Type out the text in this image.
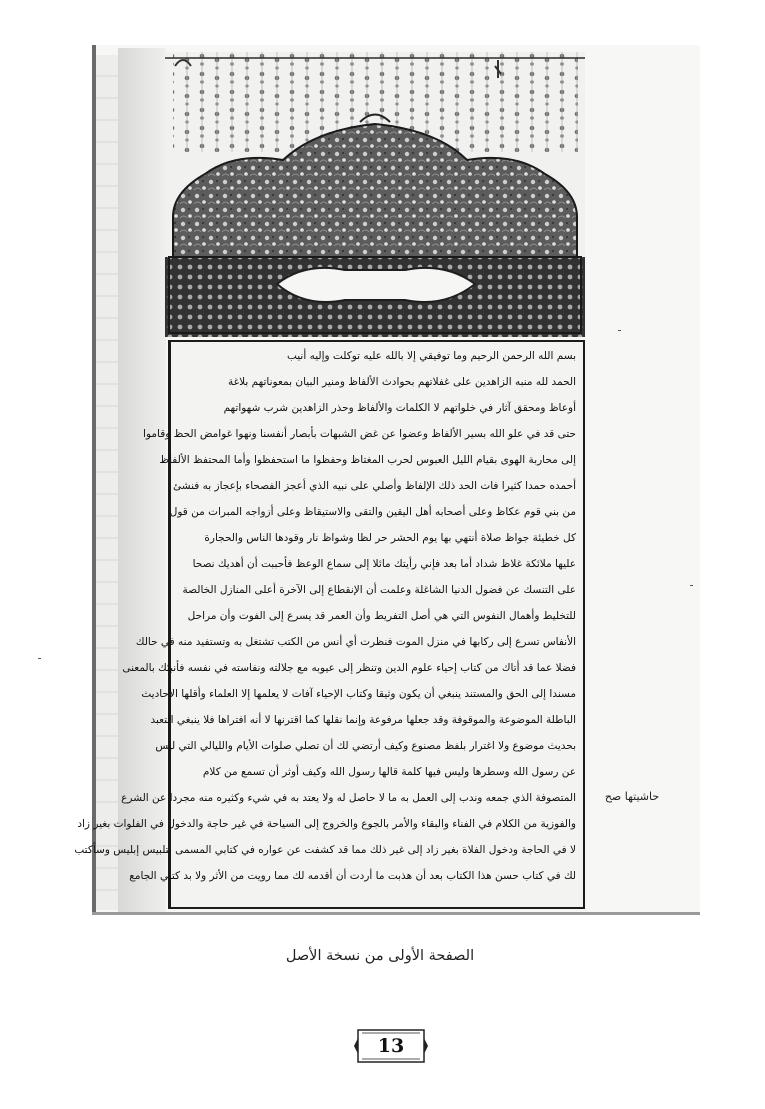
بسم الله الرحمن الرحيم وما توفيقي إلا بالله عليه توكلت وإليه أنيب
الحمد لله منبه الزاهدين على غفلاتهم بحوادث الألفاظ ومنير البيان بمعوناتهم بلاغة
أوعاظ ومحقق آثار في خلواتهم لا الكلمات والألفاظ وحذر الزاهدين شرب شهواتهم
حتى قد في علو الله بسير الألفاظ وعضوا عن غض الشبهات بأبصار أنفسنا ونهوا غوامض الحظ وقاموا
إلى محاربة الهوى بقيام الليل العبوس لحرب المغتاظ وحفظوا ما استحفظوا وأما المحتفظ الألفاظ
أحمده حمدا كثيرا فات الحد ذلك الإلفاظ وأصلي على نبيه الذي أعجز الفصحاء بإعجاز به فنشئ
من بني قوم عكاظ وعلى أصحابه أهل اليقين والتقى والاستيقاظ وعلى أزواجه المبرات من قول
كل خطيئة جواظ صلاة أنتهي بها يوم الحشر حر لظا وشواظ نار وقودها الناس والحجارة
عليها ملائكة غلاظ شداد أما بعد فإني رأيتك مائلا إلى سماع الوعظ فأحببت أن أهديك نصحا
على التنسك عن فضول الدنيا الشاغلة وعلمت أن الإنقطاع إلى الآخرة أعلى المنازل الخالصة
للتخليط وأهمال النفوس التي هي أصل التفريط وأن العمر قد يسرع إلى الفوت وأن مراحل
الأنفاس تسرع إلى ركابها في منزل الموت فنظرت أي أنس من الكتب تشتغل به وتستفيد منه في حالك
فضلا عما قد أتاك من كتاب إحياء علوم الدين وتنظر إلى عيوبه مع جلالته ونفاسته في نفسه فأنبئك بالمعنى
مسندا إلى الحق والمستند ينبغي أن يكون وثيقا وكتاب الإحياء آفات لا يعلمها إلا العلماء وأقلها الأحاديث
الباطلة الموضوعة والموقوفة وقد جعلها مرفوعة وإنما نقلها كما اقترنها لا أنه افتراها فلا ينبغي التعبد
بحديث موضوع ولا اغترار بلفظ مصنوع وكيف أرتضي لك أن تصلي صلوات الأيام والليالي التي ليس
عن رسول الله وسطرها وليس فيها كلمة قالها رسول الله وكيف أوثر أن تسمع من كلام
المتصوفة الذي جمعه وندب إلى العمل به ما لا حاصل له ولا يعتد به في شيء وكثيره منه مجردا عن الشرع
والفوزية من الكلام في الفناء والبقاء والأمر بالجوع والخروج إلى السياحة في غير حاجة والدخول في الفلوات بغير زاد
لا في الحاجة ودخول الفلاة بغير زاد إلى غير ذلك مما قد كشفت عن عواره في كتابي المسمى بتلبيس إبليس وسأكتب
لك في كتاب حسن هذا الكتاب بعد أن هذبت ما أردت أن أقدمه لك مما رويت من الأثر ولا بد كتبي الجامع
حاشيتها صح
الصفحة الأولى من نسخة الأصل
13
